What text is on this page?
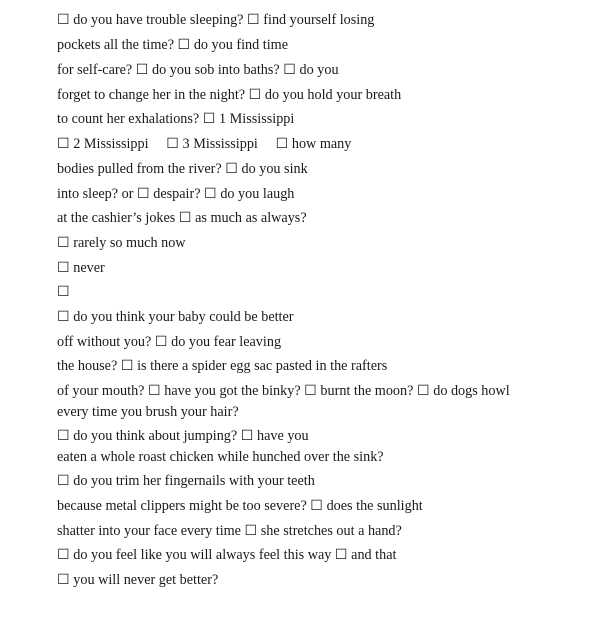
☐ do you have trouble sleeping? ☐ find yourself losing
pockets all the time? ☐ do you find time
for self-care? ☐ do you sob into baths? ☐ do you
forget to change her in the night? ☐ do you hold your breath
to count her exhalations? ☐ 1 Mississippi
☐ 2 Mississippi     ☐ 3 Mississippi     ☐ how many
bodies pulled from the river? ☐ do you sink
into sleep? or ☐ despair? ☐ do you laugh
at the cashier’s jokes ☐ as much as always?
☐ rarely so much now
☐ never
☐
☐ do you think your baby could be better
off without you? ☐ do you fear leaving
the house? ☐ is there a spider egg sac pasted in the rafters
of your mouth? ☐ have you got the binky? ☐ burnt the moon? ☐ do dogs howl
every time you brush your hair?
☐ do you think about jumping? ☐ have you
eaten a whole roast chicken while hunched over the sink?
☐ do you trim her fingernails with your teeth
because metal clippers might be too severe? ☐ does the sunlight
shatter into your face every time ☐ she stretches out a hand?
☐ do you feel like you will always feel this way ☐ and that
☐ you will never get better?
